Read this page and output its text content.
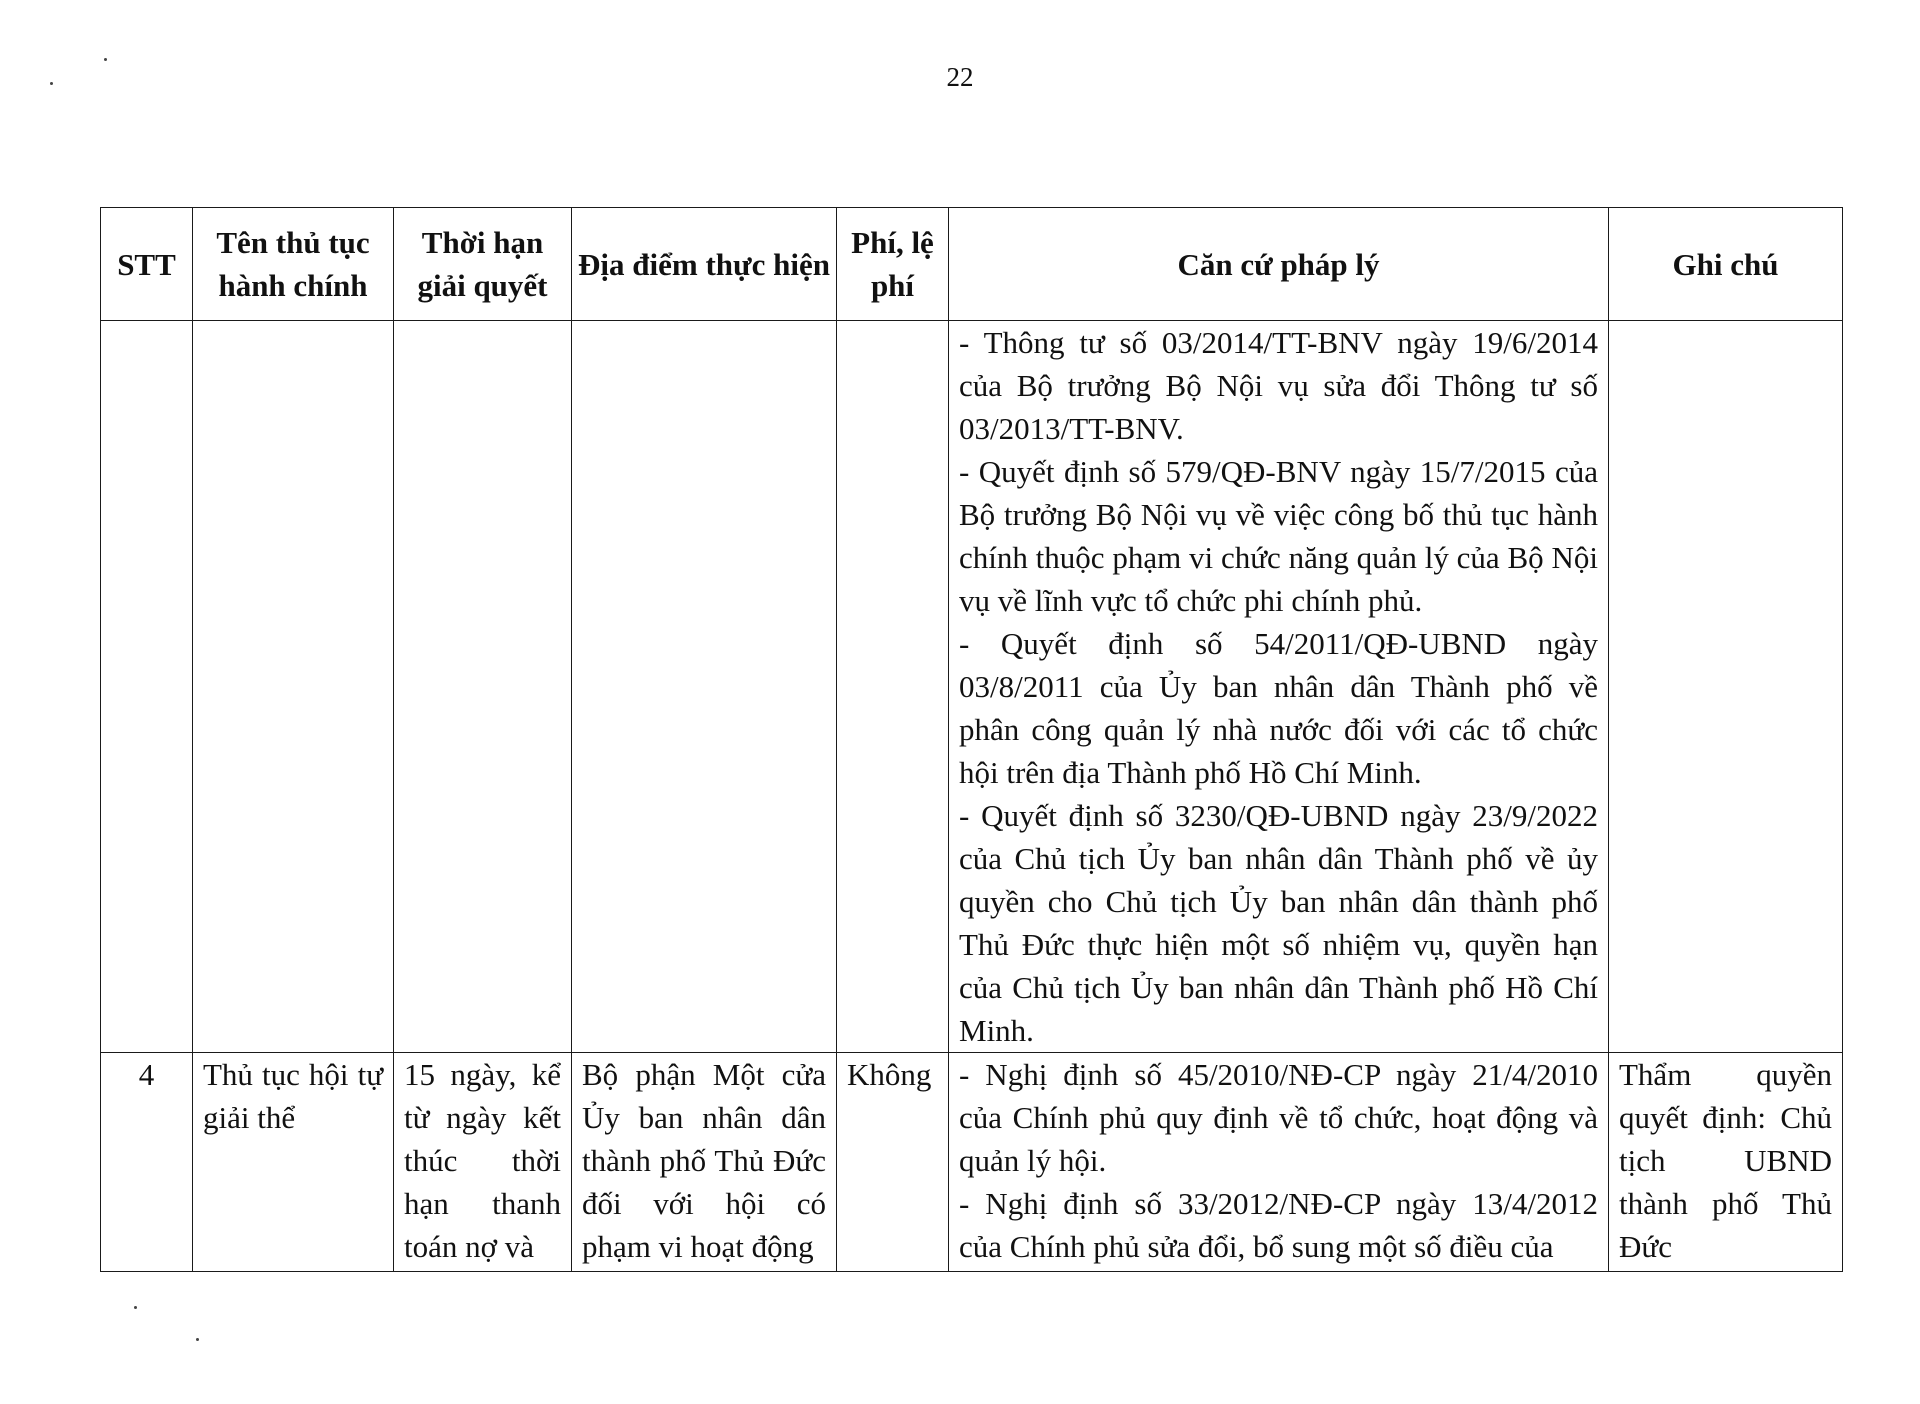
22
STT	Tên thủ tục hành chính	Thời hạn giải quyết	Địa điểm thực hiện	Phí, lệ phí	Căn cứ pháp lý	Ghi chú

					- Thông tư số 03/2014/TT-BNV ngày 19/6/2014 của Bộ trưởng Bộ Nội vụ sửa đổi Thông tư số 03/2013/TT-BNV.
- Quyết định số 579/QĐ-BNV ngày 15/7/2015 của Bộ trưởng Bộ Nội vụ về việc công bố thủ tục hành chính thuộc phạm vi chức năng quản lý của Bộ Nội vụ về lĩnh vực tổ chức phi chính phủ.
- Quyết định số 54/2011/QĐ-UBND ngày 03/8/2011 của Ủy ban nhân dân Thành phố về phân công quản lý nhà nước đối với các tổ chức hội trên địa Thành phố Hồ Chí Minh.
- Quyết định số 3230/QĐ-UBND ngày 23/9/2022 của Chủ tịch Ủy ban nhân dân Thành phố về ủy quyền cho Chủ tịch Ủy ban nhân dân thành phố Thủ Đức thực hiện một số nhiệm vụ, quyền hạn của Chủ tịch Ủy ban nhân dân Thành phố Hồ Chí Minh.	

4	Thủ tục hội tự giải thể	15 ngày, kể từ ngày kết thúc thời hạn thanh toán nợ và	Bộ phận Một cửa Ủy ban nhân dân thành phố Thủ Đức đối với hội có phạm vi hoạt động	Không	- Nghị định số 45/2010/NĐ-CP ngày 21/4/2010 của Chính phủ quy định về tổ chức, hoạt động và quản lý hội.
- Nghị định số 33/2012/NĐ-CP ngày 13/4/2012 của Chính phủ sửa đổi, bổ sung một số điều của	Thẩm quyền quyết định: Chủ tịch UBND thành phố Thủ Đức
